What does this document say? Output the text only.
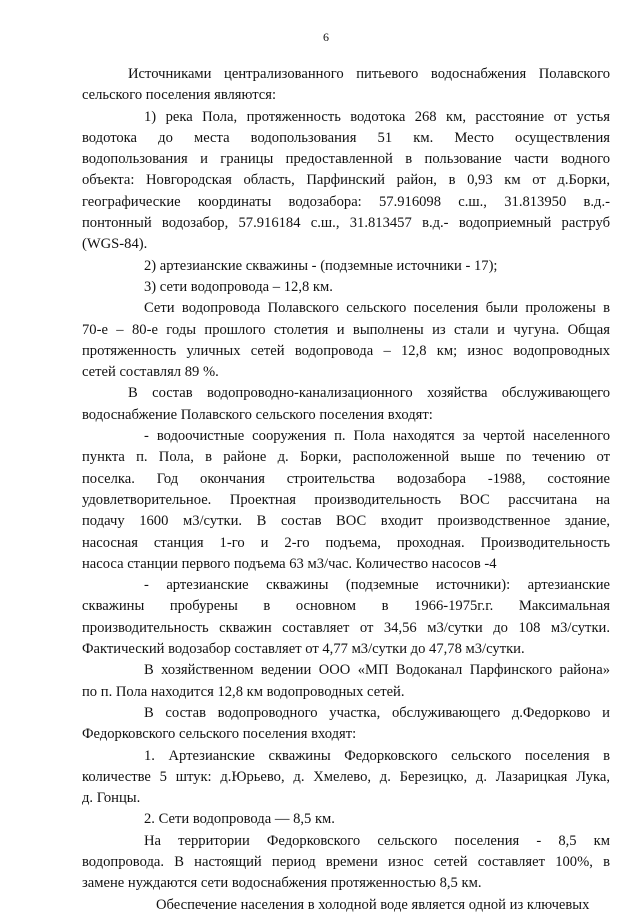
6
Источниками централизованного питьевого водоснабжения Полавского
сельского поселения являются:
1) река Пола, протяженность водотока 268 км, расстояние от устья
водотока до места водопользования 51 км. Место осуществления
водопользования и границы предоставленной в пользование части водного
объекта: Новгородская область, Парфинский район, в 0,93 км от д.Борки,
географические координаты водозабора: 57.916098 с.ш., 31.813950 в.д.-
понтонный водозабор, 57.916184 с.ш., 31.813457 в.д.- водоприемный раструб
(WGS-84).
2) артезианские скважины - (подземные источники - 17);
3) сети водопровода – 12,8 км.
Сети водопровода Полавского сельского поселения были проложены в
70-е – 80-е годы прошлого столетия и выполнены из стали и чугуна. Общая
протяженность уличных сетей водопровода – 12,8 км; износ водопроводных
сетей составлял 89 %.
В состав водопроводно-канализационного хозяйства обслуживающего
водоснабжение Полавского сельского поселения входят:
- водоочистные сооружения п. Пола находятся за чертой населенного
пункта п. Пола, в районе д. Борки, расположенной выше по течению от
поселка. Год окончания строительства водозабора -1988, состояние
удовлетворительное. Проектная производительность ВОС рассчитана на
подачу 1600 м3/сутки. В состав ВОС входит производственное здание,
насосная станция 1-го и 2-го подъема, проходная. Производительность
насоса станции первого подъема 63 м3/час. Количество насосов -4
- артезианские скважины (подземные источники): артезианские
скважины пробурены в основном в 1966-1975г.г. Максимальная
производительность скважин составляет от 34,56 м3/сутки до 108 м3/сутки.
Фактический водозабор составляет от 4,77 м3/сутки до 47,78 м3/сутки.
В хозяйственном ведении ООО «МП Водоканал Парфинского района»
по п. Пола находится 12,8 км водопроводных сетей.
В состав водопроводного участка, обслуживающего д.Федорково и
Федорковского сельского поселения входят:
1. Артезианские скважины Федорковского сельского поселения в
количестве 5 штук: д.Юрьево, д. Хмелево, д. Березицко, д. Лазарицкая Лука,
д. Гонцы.
2. Сети водопровода — 8,5 км.
На территории Федорковского сельского поселения - 8,5 км
водопровода. В настоящий период времени износ сетей составляет 100%, в
замене нуждаются сети водоснабжения протяженностью 8,5 км.
Обеспечение населения в холодной воде является одной из ключевых
